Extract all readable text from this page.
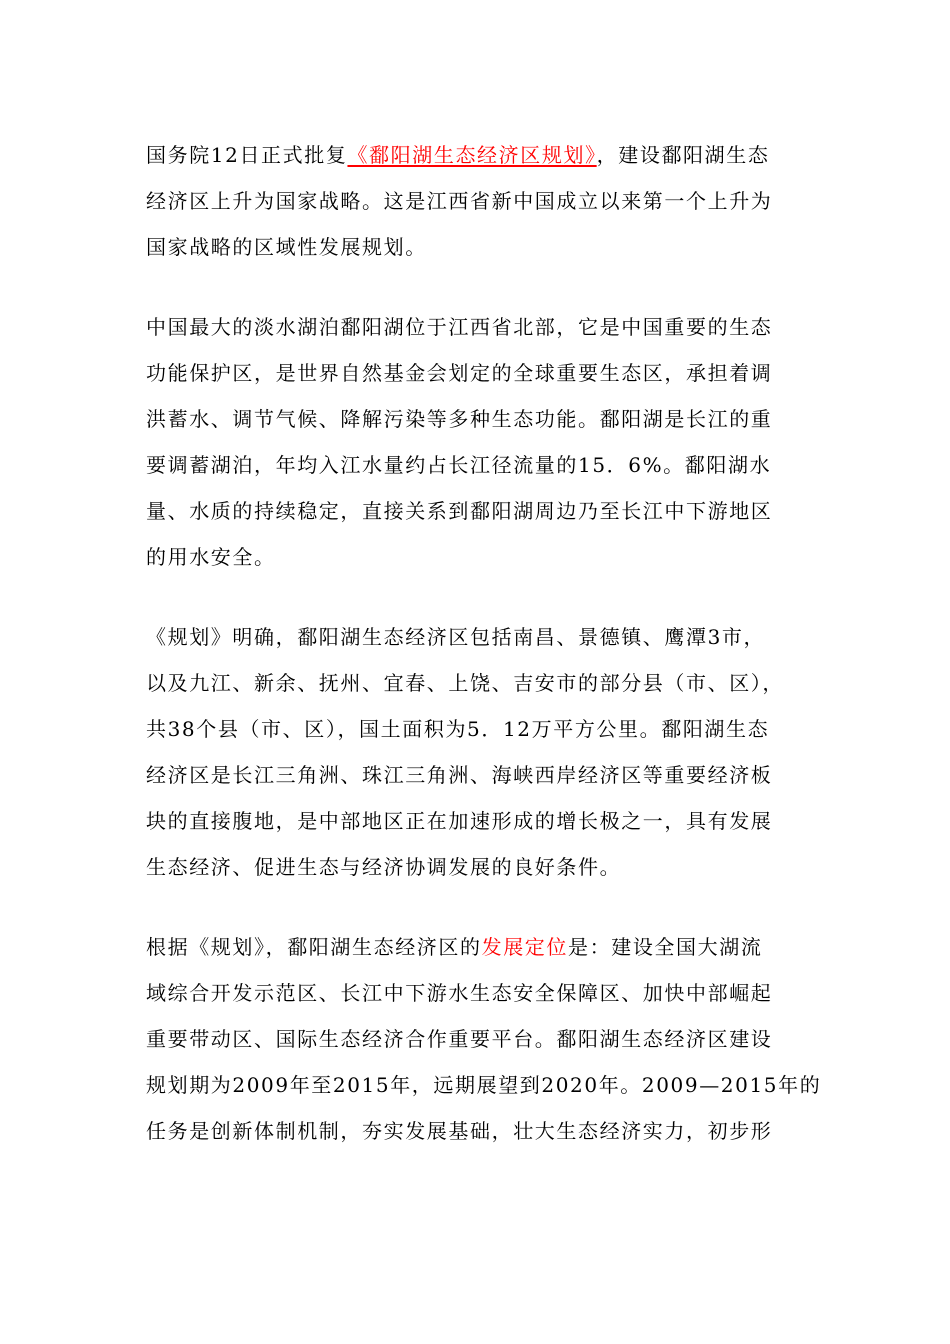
国务院12日正式批复《鄱阳湖生态经济区规划》，建设鄱阳湖生态
经济区上升为国家战略。这是江西省新中国成立以来第一个上升为
国家战略的区域性发展规划。

中国最大的淡水湖泊鄱阳湖位于江西省北部，它是中国重要的生态
功能保护区，是世界自然基金会划定的全球重要生态区，承担着调
洪蓄水、调节气候、降解污染等多种生态功能。鄱阳湖是长江的重
要调蓄湖泊，年均入江水量约占长江径流量的15．6%。鄱阳湖水
量、水质的持续稳定，直接关系到鄱阳湖周边乃至长江中下游地区
的用水安全。

《规划》明确，鄱阳湖生态经济区包括南昌、景德镇、鹰潭3市，
以及九江、新余、抚州、宜春、上饶、吉安市的部分县（市、区），
共38个县（市、区），国土面积为5．12万平方公里。鄱阳湖生态
经济区是长江三角洲、珠江三角洲、海峡西岸经济区等重要经济板
块的直接腹地，是中部地区正在加速形成的增长极之一，具有发展
生态经济、促进生态与经济协调发展的良好条件。

根据《规划》，鄱阳湖生态经济区的发展定位是：建设全国大湖流
域综合开发示范区、长江中下游水生态安全保障区、加快中部崛起
重要带动区、国际生态经济合作重要平台。鄱阳湖生态经济区建设
规划期为2009年至2015年，远期展望到2020年。2009—2015年的
任务是创新体制机制，夯实发展基础，壮大生态经济实力，初步形
